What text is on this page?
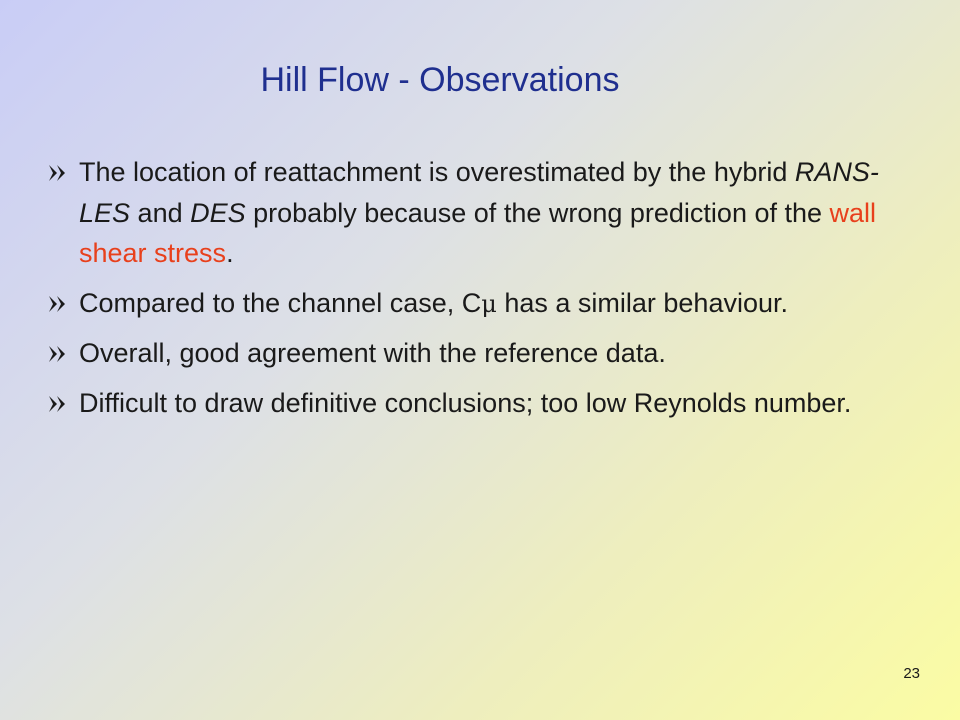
Hill Flow - Observations
The location of reattachment is overestimated by the hybrid RANS-LES and DES probably because of the wrong prediction of the wall shear stress.
Compared to the channel case, Cμ has a similar behaviour.
Overall, good agreement with the reference data.
Difficult to draw definitive conclusions; too low Reynolds number.
23
